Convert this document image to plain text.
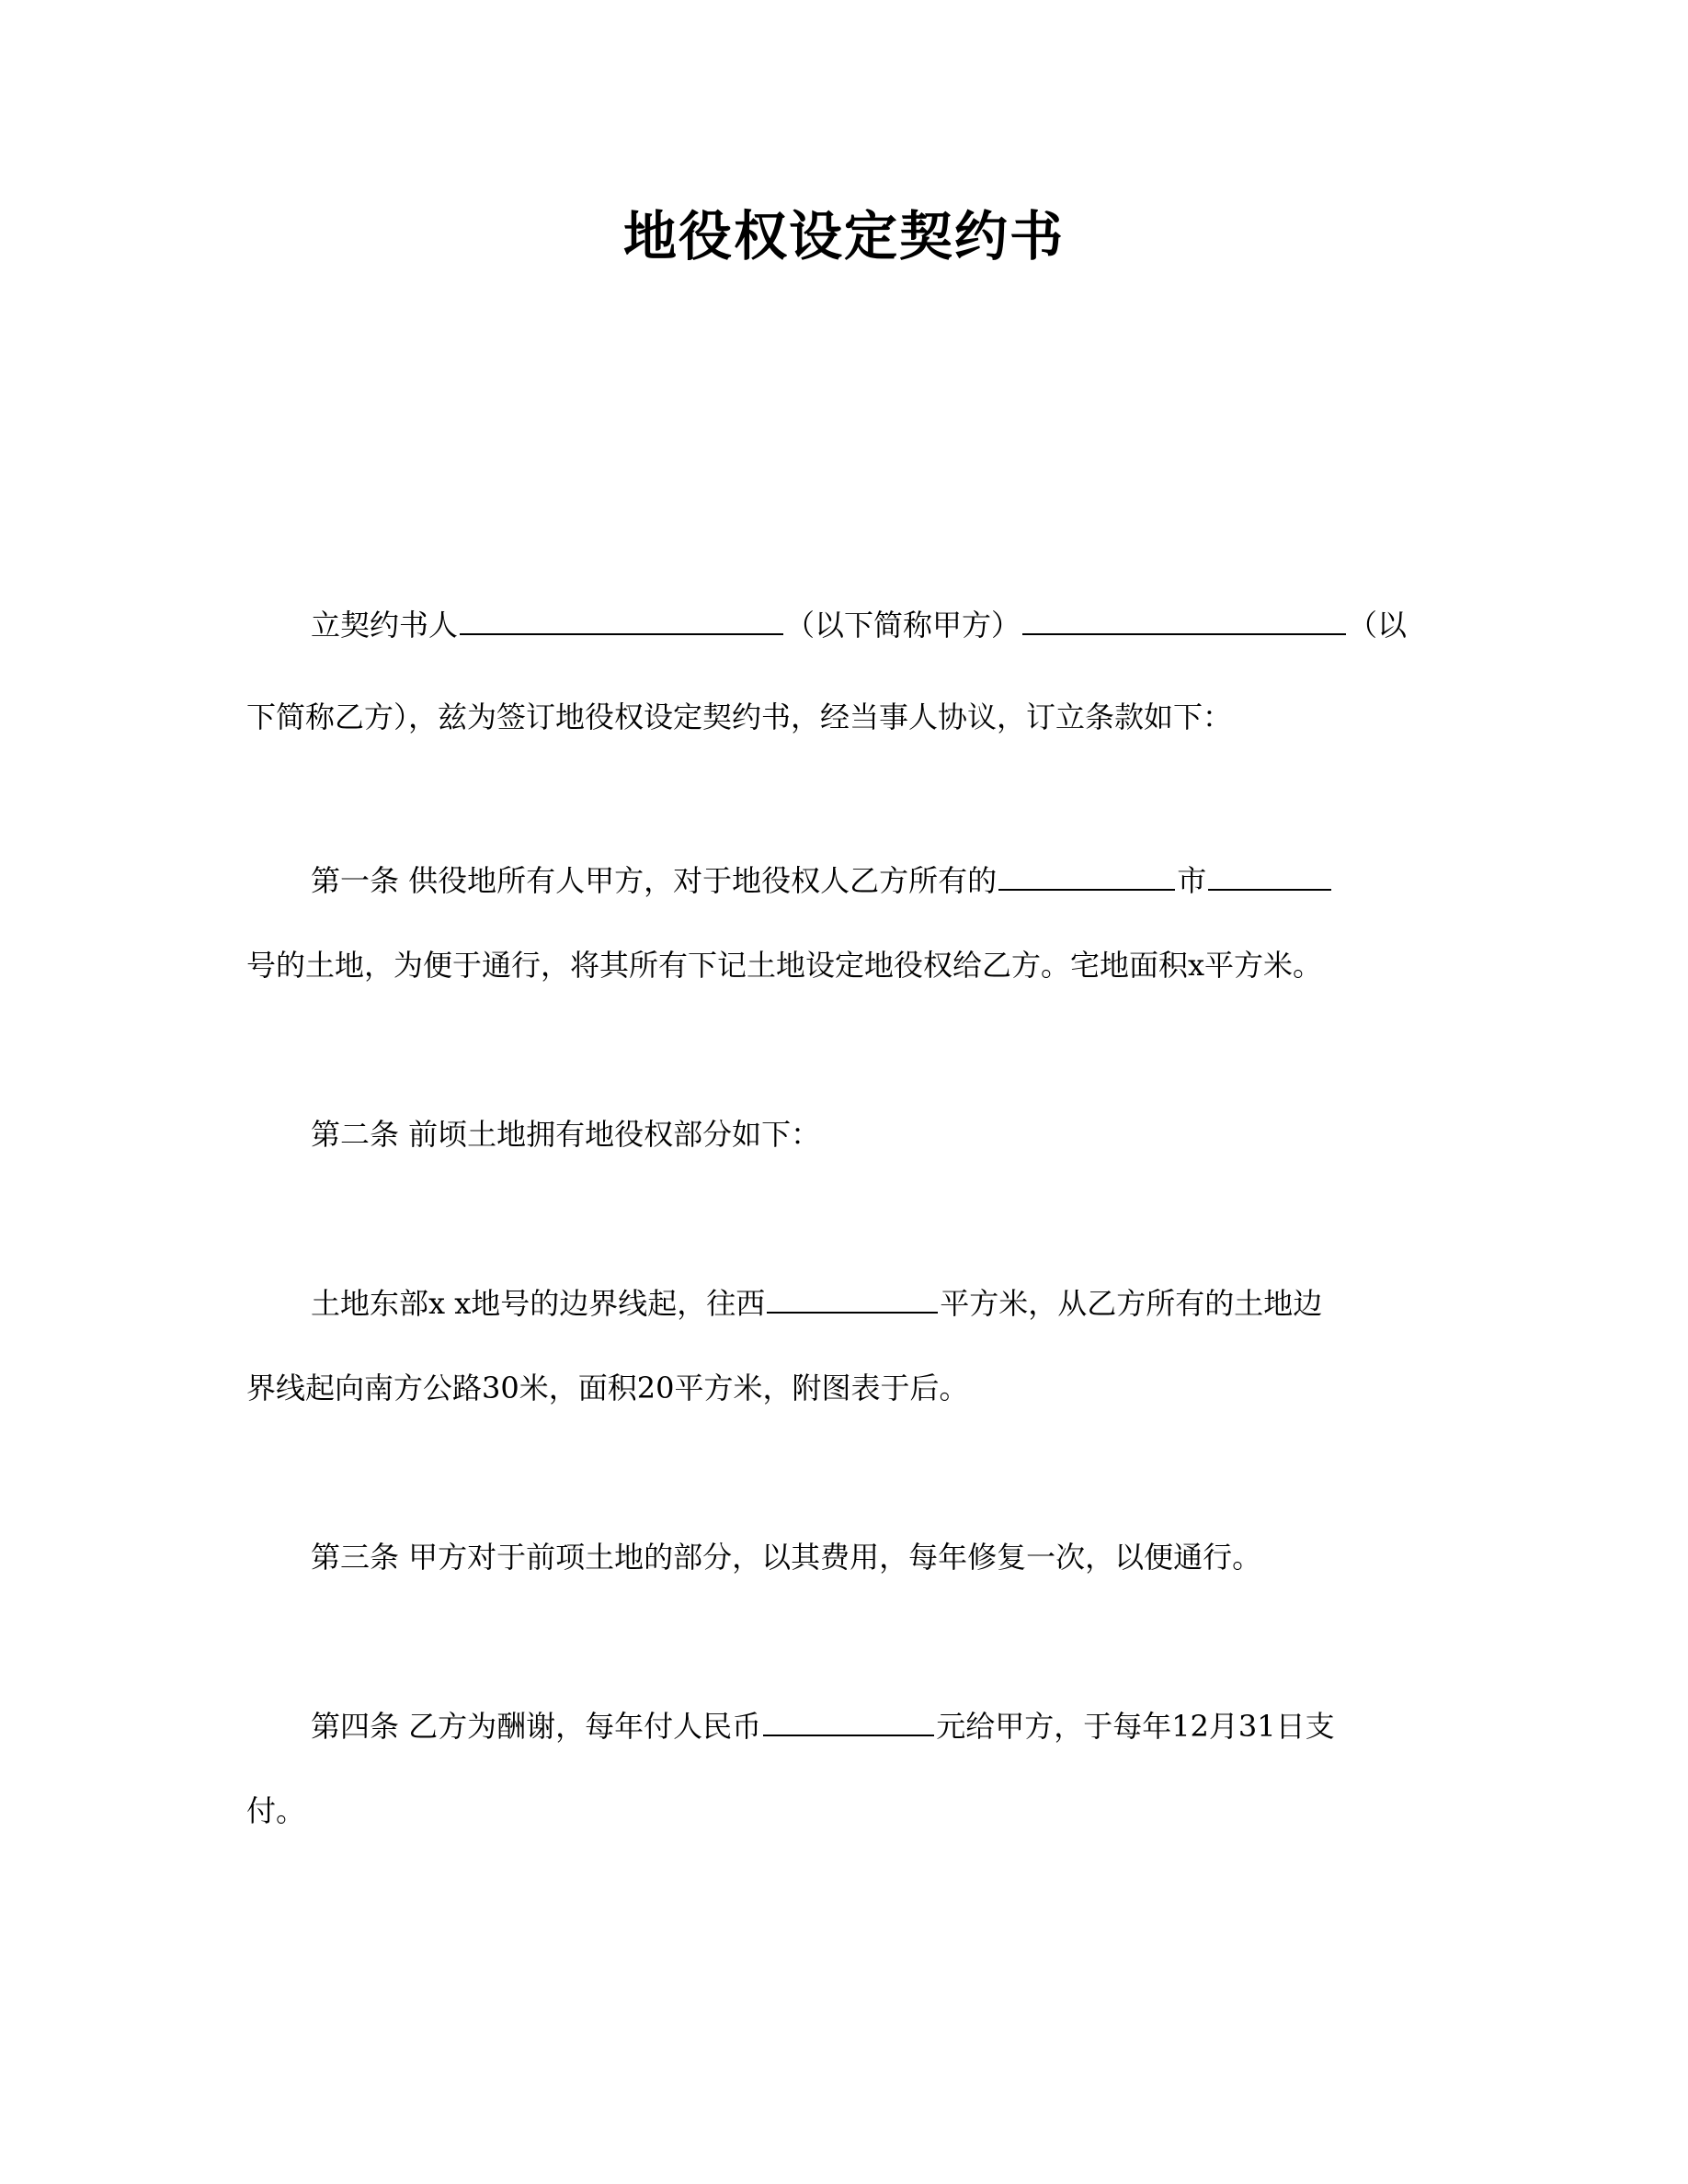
地役权设定契约书
立契约书人	（以下简称甲方）	（以
下简称乙方），兹为签订地役权设定契约书，经当事人协议，订立条款如下：
第一条 供役地所有人甲方，对于地役权人乙方所有的	市
号的土地，为便于通行，将其所有下记土地设定地役权给乙方。宅地面积x平方米。
第二条 前顷土地拥有地役权部分如下：
土地东部x x地号的边界线起，往西	平方米，从乙方所有的土地边
界线起向南方公路30米，面积20平方米，附图表于后。
第三条 甲方对于前项土地的部分，以其费用，每年修复一次，以便通行。
第四条 乙方为酬谢，每年付人民币	元给甲方，于每年12月31日支
付。
